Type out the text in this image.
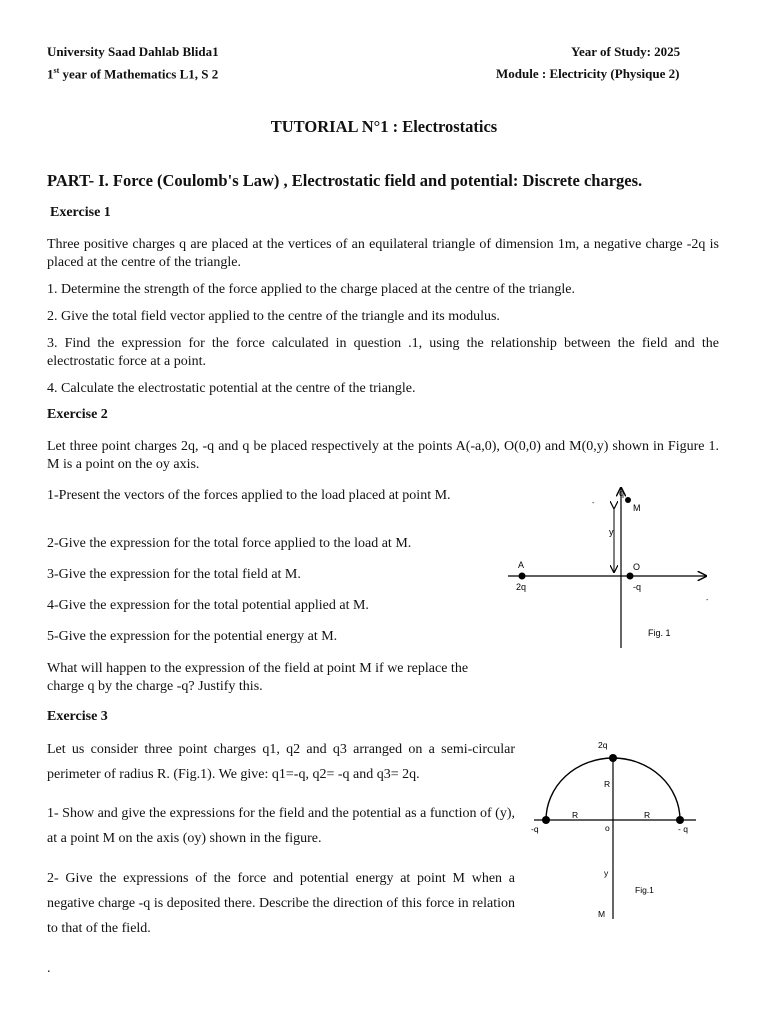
University Saad Dahlab Blida1	Year of Study: 2025
1st year of Mathematics L1, S 2	Module : Electricity (Physique 2)
TUTORIAL N°1 : Electrostatics
PART- I. Force (Coulomb's Law) , Electrostatic field and potential: Discrete charges.
Exercise 1
Three positive charges q are placed at the vertices of an equilateral triangle of dimension 1m, a negative charge -2q is placed at the centre of the triangle.
1. Determine the strength of the force applied to the charge placed at the centre of the triangle.
2. Give the total field vector applied to the centre of the triangle and its modulus.
3. Find the expression for the force calculated in question .1, using the relationship between the field and the electrostatic force at a point.
4. Calculate the electrostatic potential at the centre of the triangle.
Exercise 2
Let three point charges 2q, -q and q be placed respectively at the points A(-a,0), O(0,0) and M(0,y) shown in Figure 1. M is a point on the oy axis.
1-Present the vectors of the forces applied to the load placed at point M.
2-Give the expression for the total force applied to the load at M.
3-Give the expression for the total field at M.
4-Give the expression for the total potential applied at M.
5-Give the expression for the potential energy at M.
What will happen to the expression of the field at point M if we replace the charge q by the charge -q? Justify this.
q
M
y
A	O
2q	-q
Fig. 1
-
-
Exercise 3
Let us consider three point charges q1, q2 and q3 arranged on a semi-circular perimeter of radius R. (Fig.1). We give: q1=-q, q2= -q and q3= 2q.
1- Show and give the expressions for the field and the potential as a function of (y), at a point M on the axis (oy) shown in the figure.
2- Give the expressions of the force and potential energy at point M when a negative charge -q is deposited there. Describe the direction of this force in relation to that of the field.
2q
R
R	R
-q	- q
o
y
M
Fig.1
.
